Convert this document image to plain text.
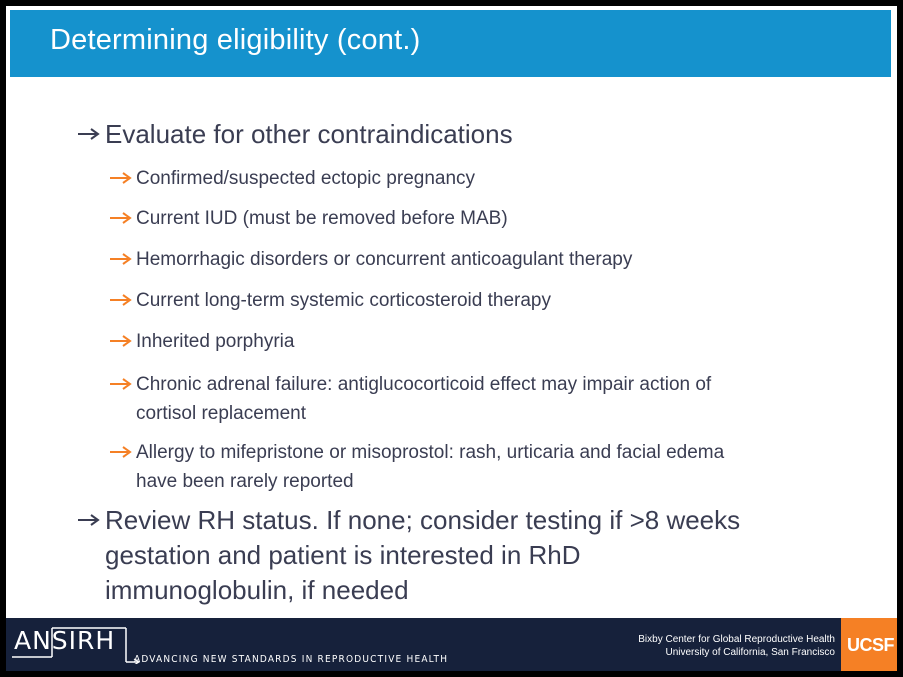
Determining eligibility (cont.)
Evaluate for other contraindications
Confirmed/suspected ectopic pregnancy
Current IUD (must be removed before MAB)
Hemorrhagic disorders or concurrent anticoagulant therapy
Current long-term systemic corticosteroid therapy
Inherited porphyria
Chronic adrenal failure: antiglucocorticoid effect may impair action of
cortisol replacement
Allergy to mifepristone or misoprostol: rash, urticaria and facial edema
have been rarely reported
Review RH status. If none; consider testing if >8 weeks
gestation and patient is interested in RhD
immunoglobulin, if needed
ANSIRH
ADVANCING NEW STANDARDS IN REPRODUCTIVE HEALTH
Bixby Center for Global Reproductive Health
University of California, San Francisco UCSF
